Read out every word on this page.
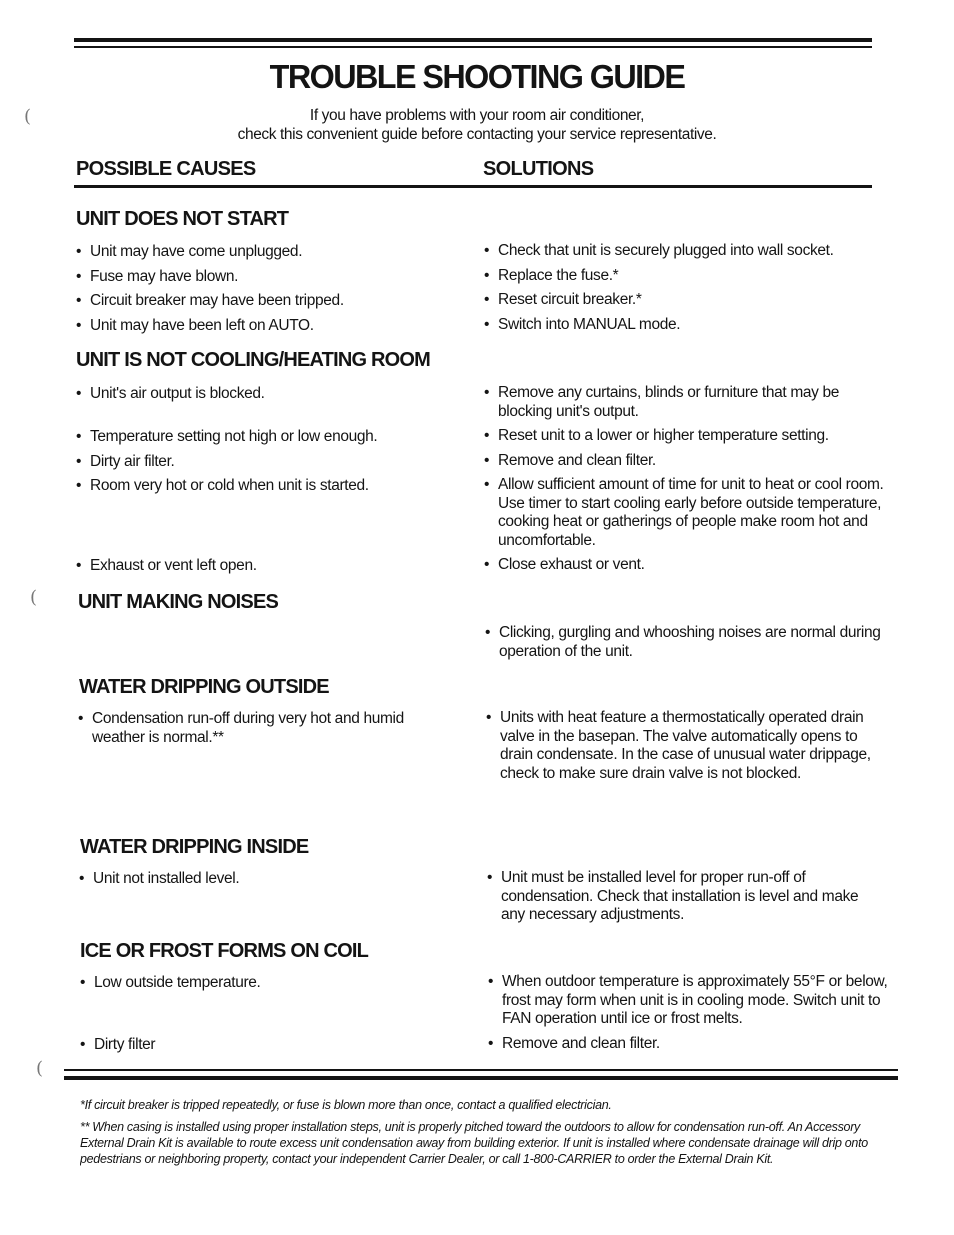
TROUBLE SHOOTING GUIDE
If you have problems with your room air conditioner,
check this convenient guide before contacting your service representative.
POSSIBLE CAUSES	SOLUTIONS
UNIT DOES NOT START
• Unit may have come unplugged.
• Fuse may have blown.
• Circuit breaker may have been tripped.
• Unit may have been left on AUTO.
• Check that unit is securely plugged into wall socket.
• Replace the fuse.*
• Reset circuit breaker.*
• Switch into MANUAL mode.
UNIT IS NOT COOLING/HEATING ROOM
• Unit's air output is blocked.
• Temperature setting not high or low enough.
• Dirty air filter.
• Room very hot or cold when unit is started.
• Exhaust or vent left open.
• Remove any curtains, blinds or furniture that may be blocking unit's output.
• Reset unit to a lower or higher temperature setting.
• Remove and clean filter.
• Allow sufficient amount of time for unit to heat or cool room. Use timer to start cooling early before outside temperature, cooking heat or gatherings of people make room hot and uncomfortable.
• Close exhaust or vent.
UNIT MAKING NOISES
• Clicking, gurgling and whooshing noises are normal during operation of the unit.
WATER DRIPPING OUTSIDE
• Condensation run-off during very hot and humid weather is normal.**
• Units with heat feature a thermostatically operated drain valve in the basepan. The valve automatically opens to drain condensate. In the case of unusual water drippage, check to make sure drain valve is not blocked.
WATER DRIPPING INSIDE
• Unit not installed level.
•	Unit must be installed level for proper run-off of condensation. Check that installation is level and make any necessary adjustments.
ICE OR FROST FORMS ON COIL
• Low outside temperature.
• Dirty filter
• When outdoor temperature is approximately 55°F or below, frost may form when unit is in cooling mode. Switch unit to FAN operation until ice or frost melts.
• Remove and clean filter.
*If circuit breaker is tripped repeatedly, or fuse is blown more than once, contact a qualified electrician.
** When casing is installed using proper installation steps, unit is properly pitched toward the outdoors to allow for condensation run-off. An Accessory External Drain Kit is available to route excess unit condensation away from building exterior. If unit is installed where condensate drainage will drip onto pedestrians or neighboring property, contact your independent Carrier Dealer, or call 1-800-CARRIER to order the External Drain Kit.
(
(
(
